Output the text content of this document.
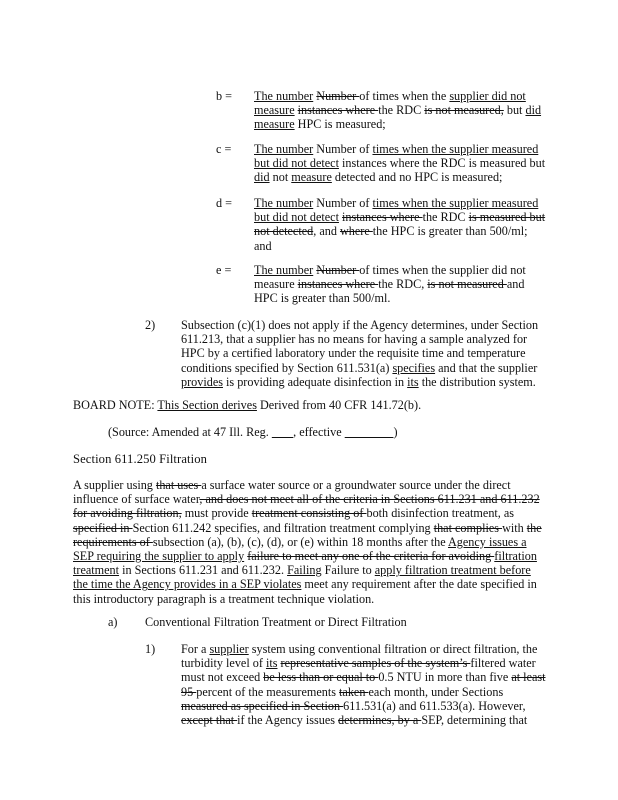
b = The number Number of times when the supplier did not measure instances where the RDC is not measured, but did measure HPC is measured;

c = The number Number of times when the supplier measured but did not detect instances where the RDC is measured but did not measure detected and no HPC is measured;

d = The number Number of times when the supplier measured but did not detect instances where the RDC is measured but not detected, and where the HPC is greater than 500/ml; and

e = The number Number of times when the supplier did not measure instances where the RDC, is not measured and HPC is greater than 500/ml.

2) Subsection (c)(1) does not apply if the Agency determines, under Section 611.213, that a supplier has no means for having a sample analyzed for HPC by a certified laboratory under the requisite time and temperature conditions specified by Section 611.531(a) specifies and that the supplier provides is providing adequate disinfection in its the distribution system.

BOARD NOTE: This Section derives Derived from 40 CFR 141.72(b).

(Source: Amended at 47 Ill. Reg.        , effective	)

Section 611.250 Filtration

A supplier using that uses a surface water source or a groundwater source under the direct influence of surface water, and does not meet all of the criteria in Sections 611.231 and 611.232 for avoiding filtration, must provide treatment consisting of both disinfection treatment, as specified in Section 611.242 specifies, and filtration treatment complying that complies with the requirements of subsection (a), (b), (c), (d), or (e) within 18 months after the Agency issues a SEP requiring the supplier to apply failure to meet any one of the criteria for avoiding filtration treatment in Sections 611.231 and 611.232. Failing Failure to apply filtration treatment before the time the Agency provides in a SEP violates meet any requirement after the date specified in this introductory paragraph is a treatment technique violation.

a) Conventional Filtration Treatment or Direct Filtration
1) For a supplier system using conventional filtration or direct filtration, the turbidity level of its representative samples of the system’s filtered water must not exceed be less than or equal to 0.5 NTU in more than five at least 95 percent of the measurements taken each month, under Sections measured as specified in Section 611.531(a) and 611.533(a). However, except that if the Agency issues determines, by a SEP, determining that
